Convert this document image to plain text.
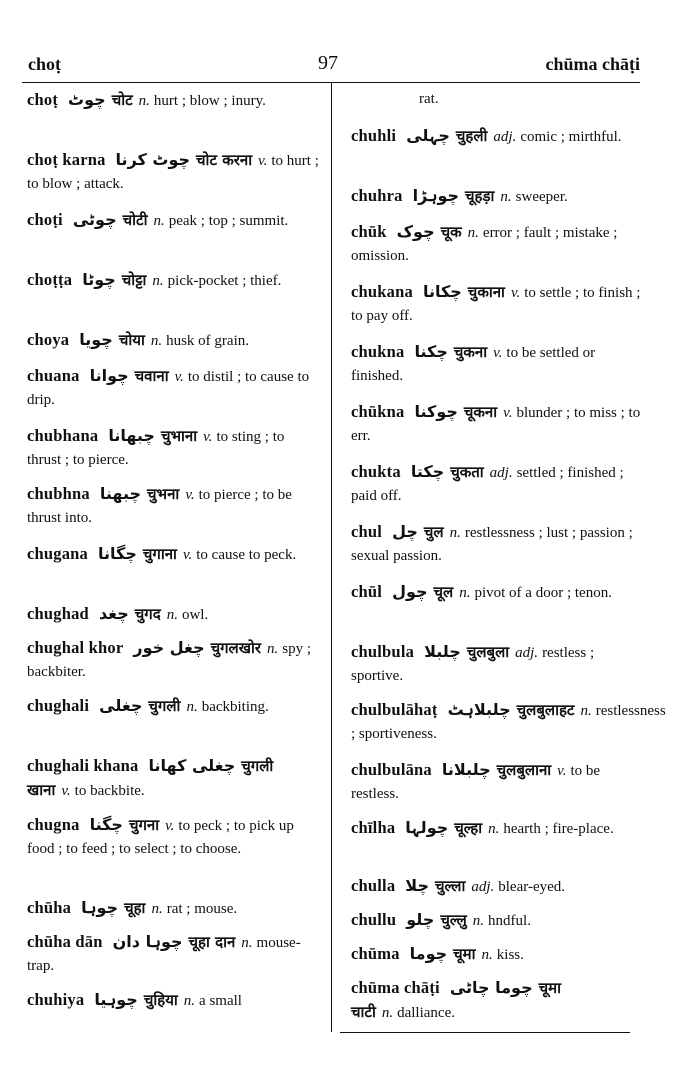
choṭ	97	chūma chāṭi
choṭ چوٹ चोट n. hurt ; blow ; inury.
choṭ karna چوٹ کرنا चोट करना v. to hurt ; to blow ; attack.
choṭi چوٹی चोटी n. peak ; top ; summit.
choṭṭa چوٹا चोट्टा n. pick-pocket ; thief.
choya چویا चोया n. husk of grain.
chuana چوانا चवाना v. to distil ; to cause to drip.
chubhana چبھانا चुभाना v. to sting ; to thrust ; to pierce.
chubhna چبھنا चुभना v. to pierce ; to be thrust into.
chugana چگانا चुगाना v. to cause to peck.
chughad چغد चुगद n. owl.
chughal khor چغل خور चुगलखोर n. spy ; backbiter.
chughali چغلی चुगली n. backbiting.
chughali khana چغلی کھانا चुगली खाना v. to backbite.
chugna چگنا चुगना v. to peck ; to pick up food ; to feed ; to select ; to choose.
chūha چوہا चूहा n. rat ; mouse.
chūha dān چوہا دان चूहा दान n. mouse-trap.
chuhiya چوہیا चुहिया n. a small
rat.
chuhli چہلی चुहली adj. comic ; mirthful.
chuhra چوہڑا चूहड़ा n. sweeper.
chūk چوک चूक n. error ; fault ; mistake ; omission.
chukana چکانا चुकाना v. to settle ; to finish ; to pay off.
chukna چکنا चुकना v. to be settled or finished.
chūkna چوکنا चूकना v. blunder ; to miss ; to err.
chukta چکتا चुकता adj. settled ; finished ; paid off.
chul چل चुल n. restlessness ; lust ; passion ; sexual passion.
chūl چول चूल n. pivot of a door ; tenon.
chulbula چلبلا चुलबुला adj. restless ; sportive.
chulbulāhaṭ چلبلاہٹ चुलबुलाहट n. restlessness ; sportiveness.
chulbulāna چلبلانا चुलबुलाना v. to be restless.
chīlha چولہا चूल्हा n. hearth ; fire-place.
chulla چلا चुल्ला adj. blear-eyed.
chullu چلو चुल्लु n. hndful.
chūma چوما चूमा n. kiss.
chūma chāṭi چوما چاٹی चूमा चाटी n. dalliance.
